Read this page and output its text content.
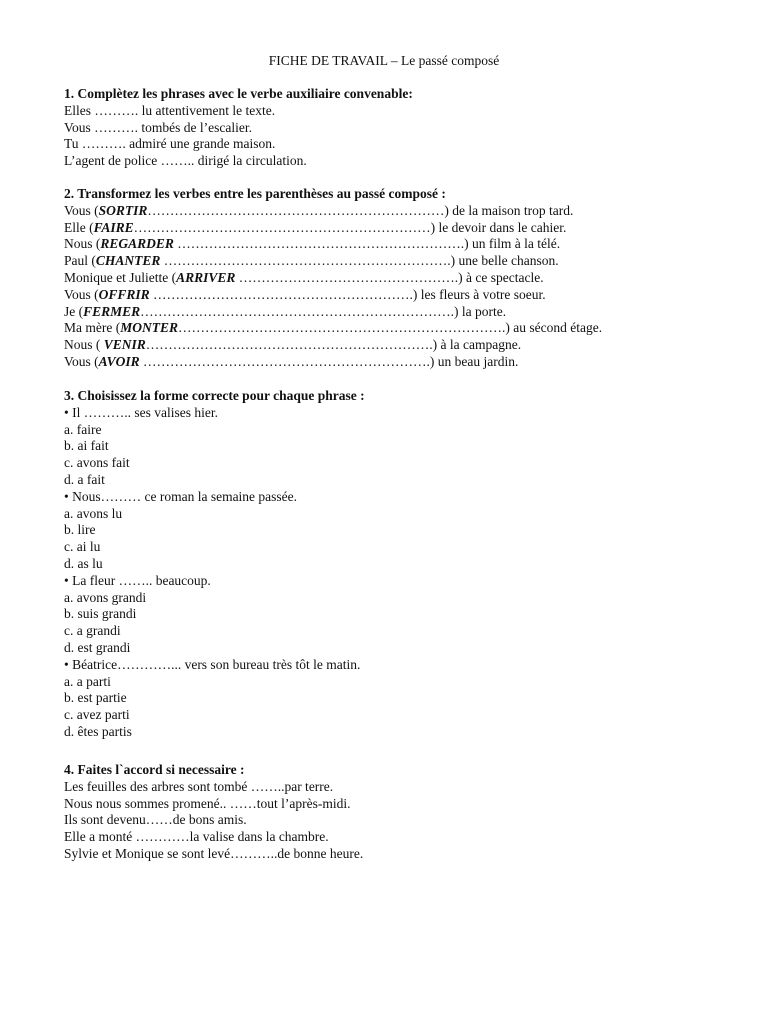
FICHE DE TRAVAIL – Le passé composé
1. Complètez les phrases avec le verbe auxiliaire convenable:
Elles ………. lu attentivement le texte.
Vous ………. tombés de l’escalier.
Tu ………. admiré une grande maison.
L’agent de police …….. dirigé la circulation.
2. Transformez les verbes entre les parenthèses au passé composé :
Vous (SORTIR…………………………………………………………) de la maison trop tard.
Elle (FAIRE…………………………………………………………) le devoir dans le cahier.
Nous (REGARDER ……………………………………………………….) un film à la télé.
Paul (CHANTER ……………………………………………………….) une belle chanson.
Monique et Juliette (ARRIVER ………………………………………….) à ce spectacle.
Vous (OFFRIR ………………………………………………….) les fleurs à votre soeur.
Je (FERMER…………………………………………………………….) la porte.
Ma mère (MONTER……………………………………………………………….) au sécond étage.
Nous ( VENIR……………………………………………………….) à la campagne.
Vous (AVOIR ……………………………………………………….) un beau jardin.
3. Choisissez la forme correcte pour chaque phrase :
• Il ……….. ses valises hier.
a. faire
b. ai fait
c. avons fait
d. a fait
• Nous……… ce roman la semaine passée.
a. avons lu
b. lire
c. ai lu
d. as lu
• La fleur …….. beaucoup.
a. avons grandi
b. suis grandi
c. a grandi
d. est grandi
• Béatrice…………... vers son bureau très tôt le matin.
a. a parti
b. est partie
c. avez parti
d. êtes partis
4. Faites l`accord si necessaire :
Les feuilles des arbres sont tombé ……..par terre.
Nous nous sommes promené.. ……tout l’après-midi.
Ils sont devenu……de bons amis.
Elle a monté …………la valise dans la chambre.
Sylvie et Monique se sont levé………..de bonne heure.
